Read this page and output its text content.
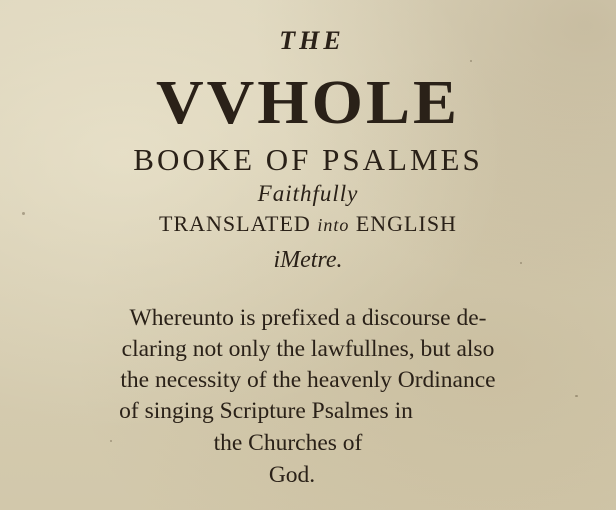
THE
VVHOLE
BOOKE OF PSALMES
Faithfully
TRANSLATED into ENGLISH
iMetre.
Whereunto is prefixed a discourse de-
claring not only the lawfullnes, but also
the necessity of the heavenly Ordinance
of singing Scripture Psalmes in
the Churches of
God.
